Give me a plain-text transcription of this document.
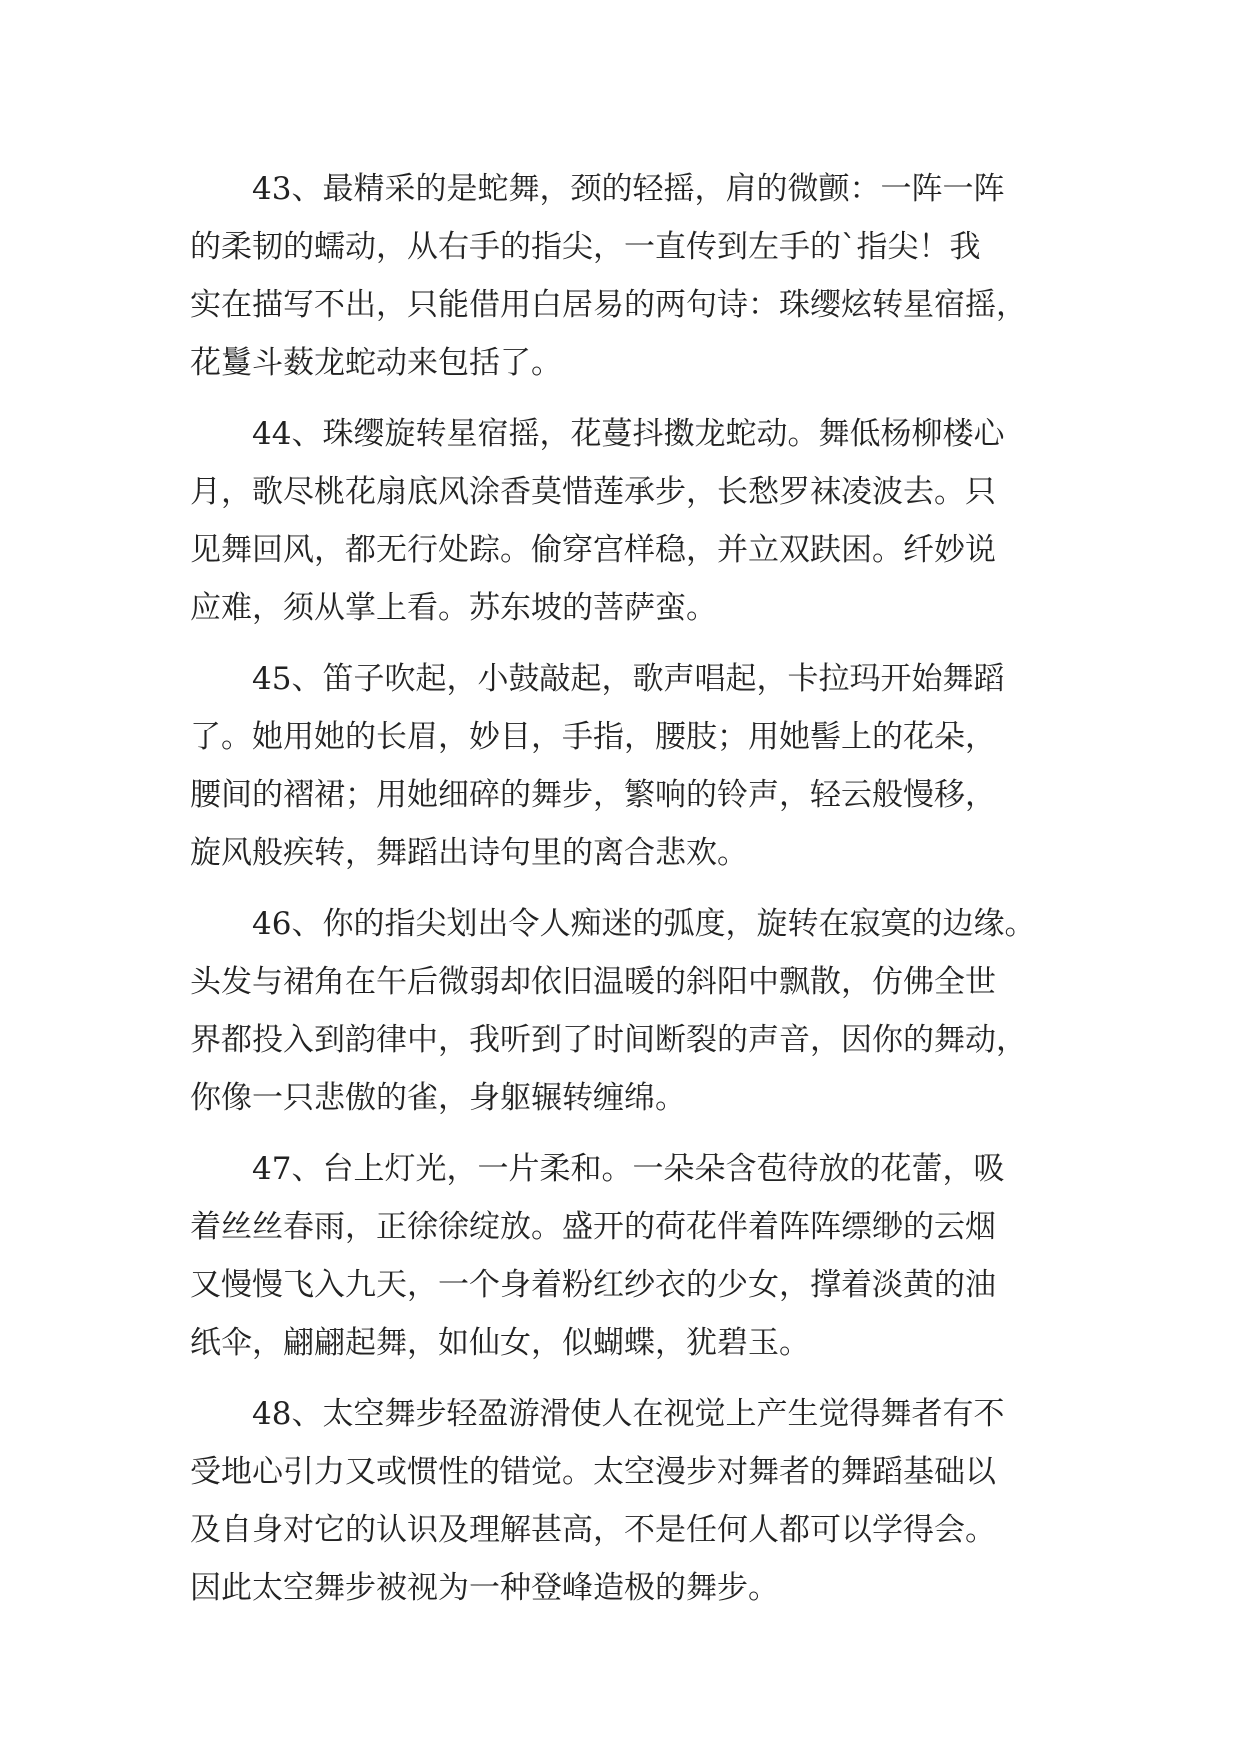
43、最精采的是蛇舞，颈的轻摇，肩的微颤：一阵一阵
的柔韧的蠕动，从右手的指尖，一直传到左手的`指尖！我
实在描写不出，只能借用白居易的两句诗：珠缨炫转星宿摇，
花鬘斗薮龙蛇动来包括了。

44、珠缨旋转星宿摇，花蔓抖擞龙蛇动。舞低杨柳楼心
月，歌尽桃花扇底风涂香莫惜莲承步，长愁罗袜凌波去。只
见舞回风，都无行处踪。偷穿宫样稳，并立双趺困。纤妙说
应难，须从掌上看。苏东坡的菩萨蛮。

45、笛子吹起，小鼓敲起，歌声唱起，卡拉玛开始舞蹈
了。她用她的长眉，妙目，手指，腰肢；用她髻上的花朵，
腰间的褶裙；用她细碎的舞步，繁响的铃声，轻云般慢移，
旋风般疾转，舞蹈出诗句里的离合悲欢。

46、你的指尖划出令人痴迷的弧度，旋转在寂寞的边缘。
头发与裙角在午后微弱却依旧温暖的斜阳中飘散，仿佛全世
界都投入到韵律中，我听到了时间断裂的声音，因你的舞动，
你像一只悲傲的雀，身躯辗转缠绵。

47、台上灯光，一片柔和。一朵朵含苞待放的花蕾，吸
着丝丝春雨，正徐徐绽放。盛开的荷花伴着阵阵缥缈的云烟
又慢慢飞入九天，一个身着粉红纱衣的少女，撑着淡黄的油
纸伞，翩翩起舞，如仙女，似蝴蝶，犹碧玉。

48、太空舞步轻盈游滑使人在视觉上产生觉得舞者有不
受地心引力又或惯性的错觉。太空漫步对舞者的舞蹈基础以
及自身对它的认识及理解甚高，不是任何人都可以学得会。
因此太空舞步被视为一种登峰造极的舞步。
